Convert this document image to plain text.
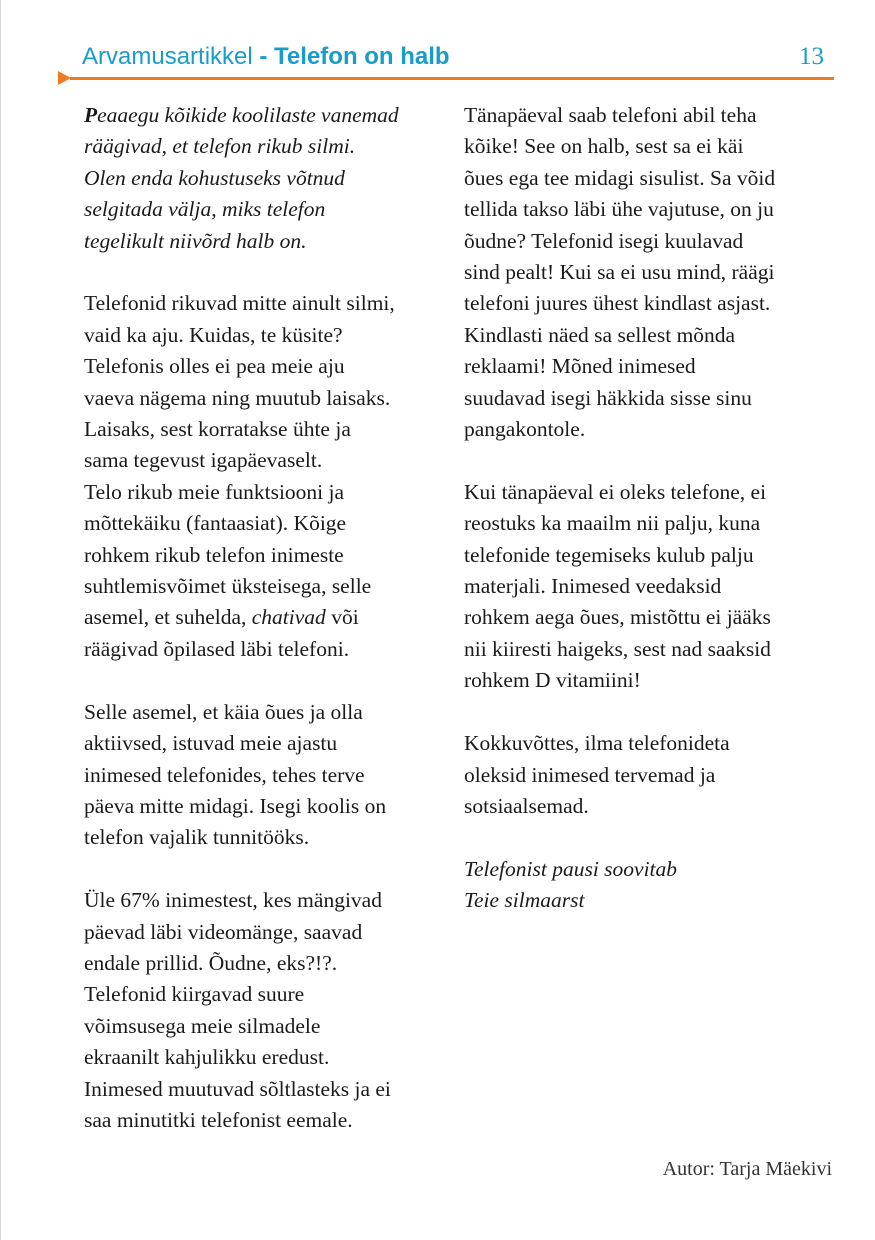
Arvamusartikkel - Telefon on halb	13

Peaaegu kõikide koolilaste vanemad

räägivad, et telefon rikub silmi.

Olen enda kohustuseks võtnud

selgitada välja, miks telefon

tegelikult niivõrd halb on.

Telefonid rikuvad mitte ainult silmi,

vaid ka aju. Kuidas, te küsite?

Telefonis olles ei pea meie aju

vaeva nägema ning muutub laisaks.

Laisaks, sest korratakse ühte ja

sama tegevust igapäevaselt.

Telo rikub meie funktsiooni ja

mõttekäiku (fantaasiat). Kõige

rohkem rikub telefon inimeste

suhtlemisvõimet üksteisega, selle

asemel, et suhelda, chativad või

räägivad õpilased läbi telefoni.

Selle asemel, et käia õues ja olla

aktiivsed, istuvad meie ajastu

inimesed telefonides, tehes terve

päeva mitte midagi. Isegi koolis on

telefon vajalik tunnitööks.

Üle 67% inimestest, kes mängivad

päevad läbi videomänge, saavad

endale prillid. Õudne, eks?!?.

Telefonid kiirgavad suure

võimsusega meie silmadele

ekraanilt kahjulikku eredust.

Inimesed muutuvad sõltlasteks ja ei

saa minutitki telefonist eemale.

Tänapäeval saab telefoni abil teha

kõike! See on halb, sest sa ei käi

õues ega tee midagi sisulist. Sa võid

tellida takso läbi ühe vajutuse, on ju

õudne? Telefonid isegi kuulavad

sind pealt! Kui sa ei usu mind, räägi

telefoni juures ühest kindlast asjast.

Kindlasti näed sa sellest mõnda

reklaami! Mõned inimesed

suudavad isegi häkkida sisse sinu

pangakontole.

Kui tänapäeval ei oleks telefone, ei

reostuks ka maailm nii palju, kuna

telefonide tegemiseks kulub palju

materjali. Inimesed veedaksid

rohkem aega õues, mistõttu ei jääks

nii kiiresti haigeks, sest nad saaksid

rohkem D vitamiini!

Kokkuvõttes, ilma telefonideta

oleksid inimesed tervemad ja

sotsiaalsemad.

Telefonist pausi soovitab

Teie silmaarst

Autor: Tarja Mäekivi
